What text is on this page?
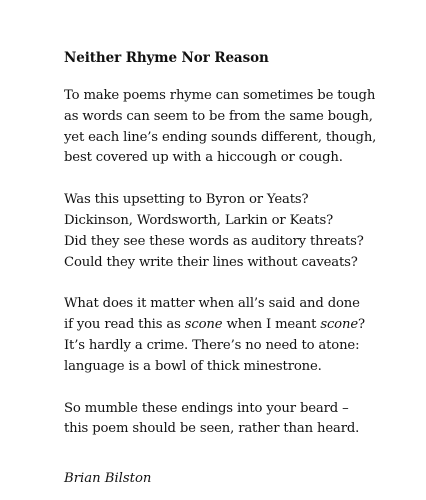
Neither Rhyme Nor Reason
To make poems rhyme can sometimes be tough
as words can seem to be from the same bough,
yet each line’s ending sounds different, though,
best covered up with a hiccough or cough.
Was this upsetting to Byron or Yeats?
Dickinson, Wordsworth, Larkin or Keats?
Did they see these words as auditory threats?
Could they write their lines without caveats?
What does it matter when all’s said and done
if you read this as scone when I meant scone?
It’s hardly a crime. There’s no need to atone:
language is a bowl of thick minestrone.
So mumble these endings into your beard –
this poem should be seen, rather than heard.
Brian Bilston
